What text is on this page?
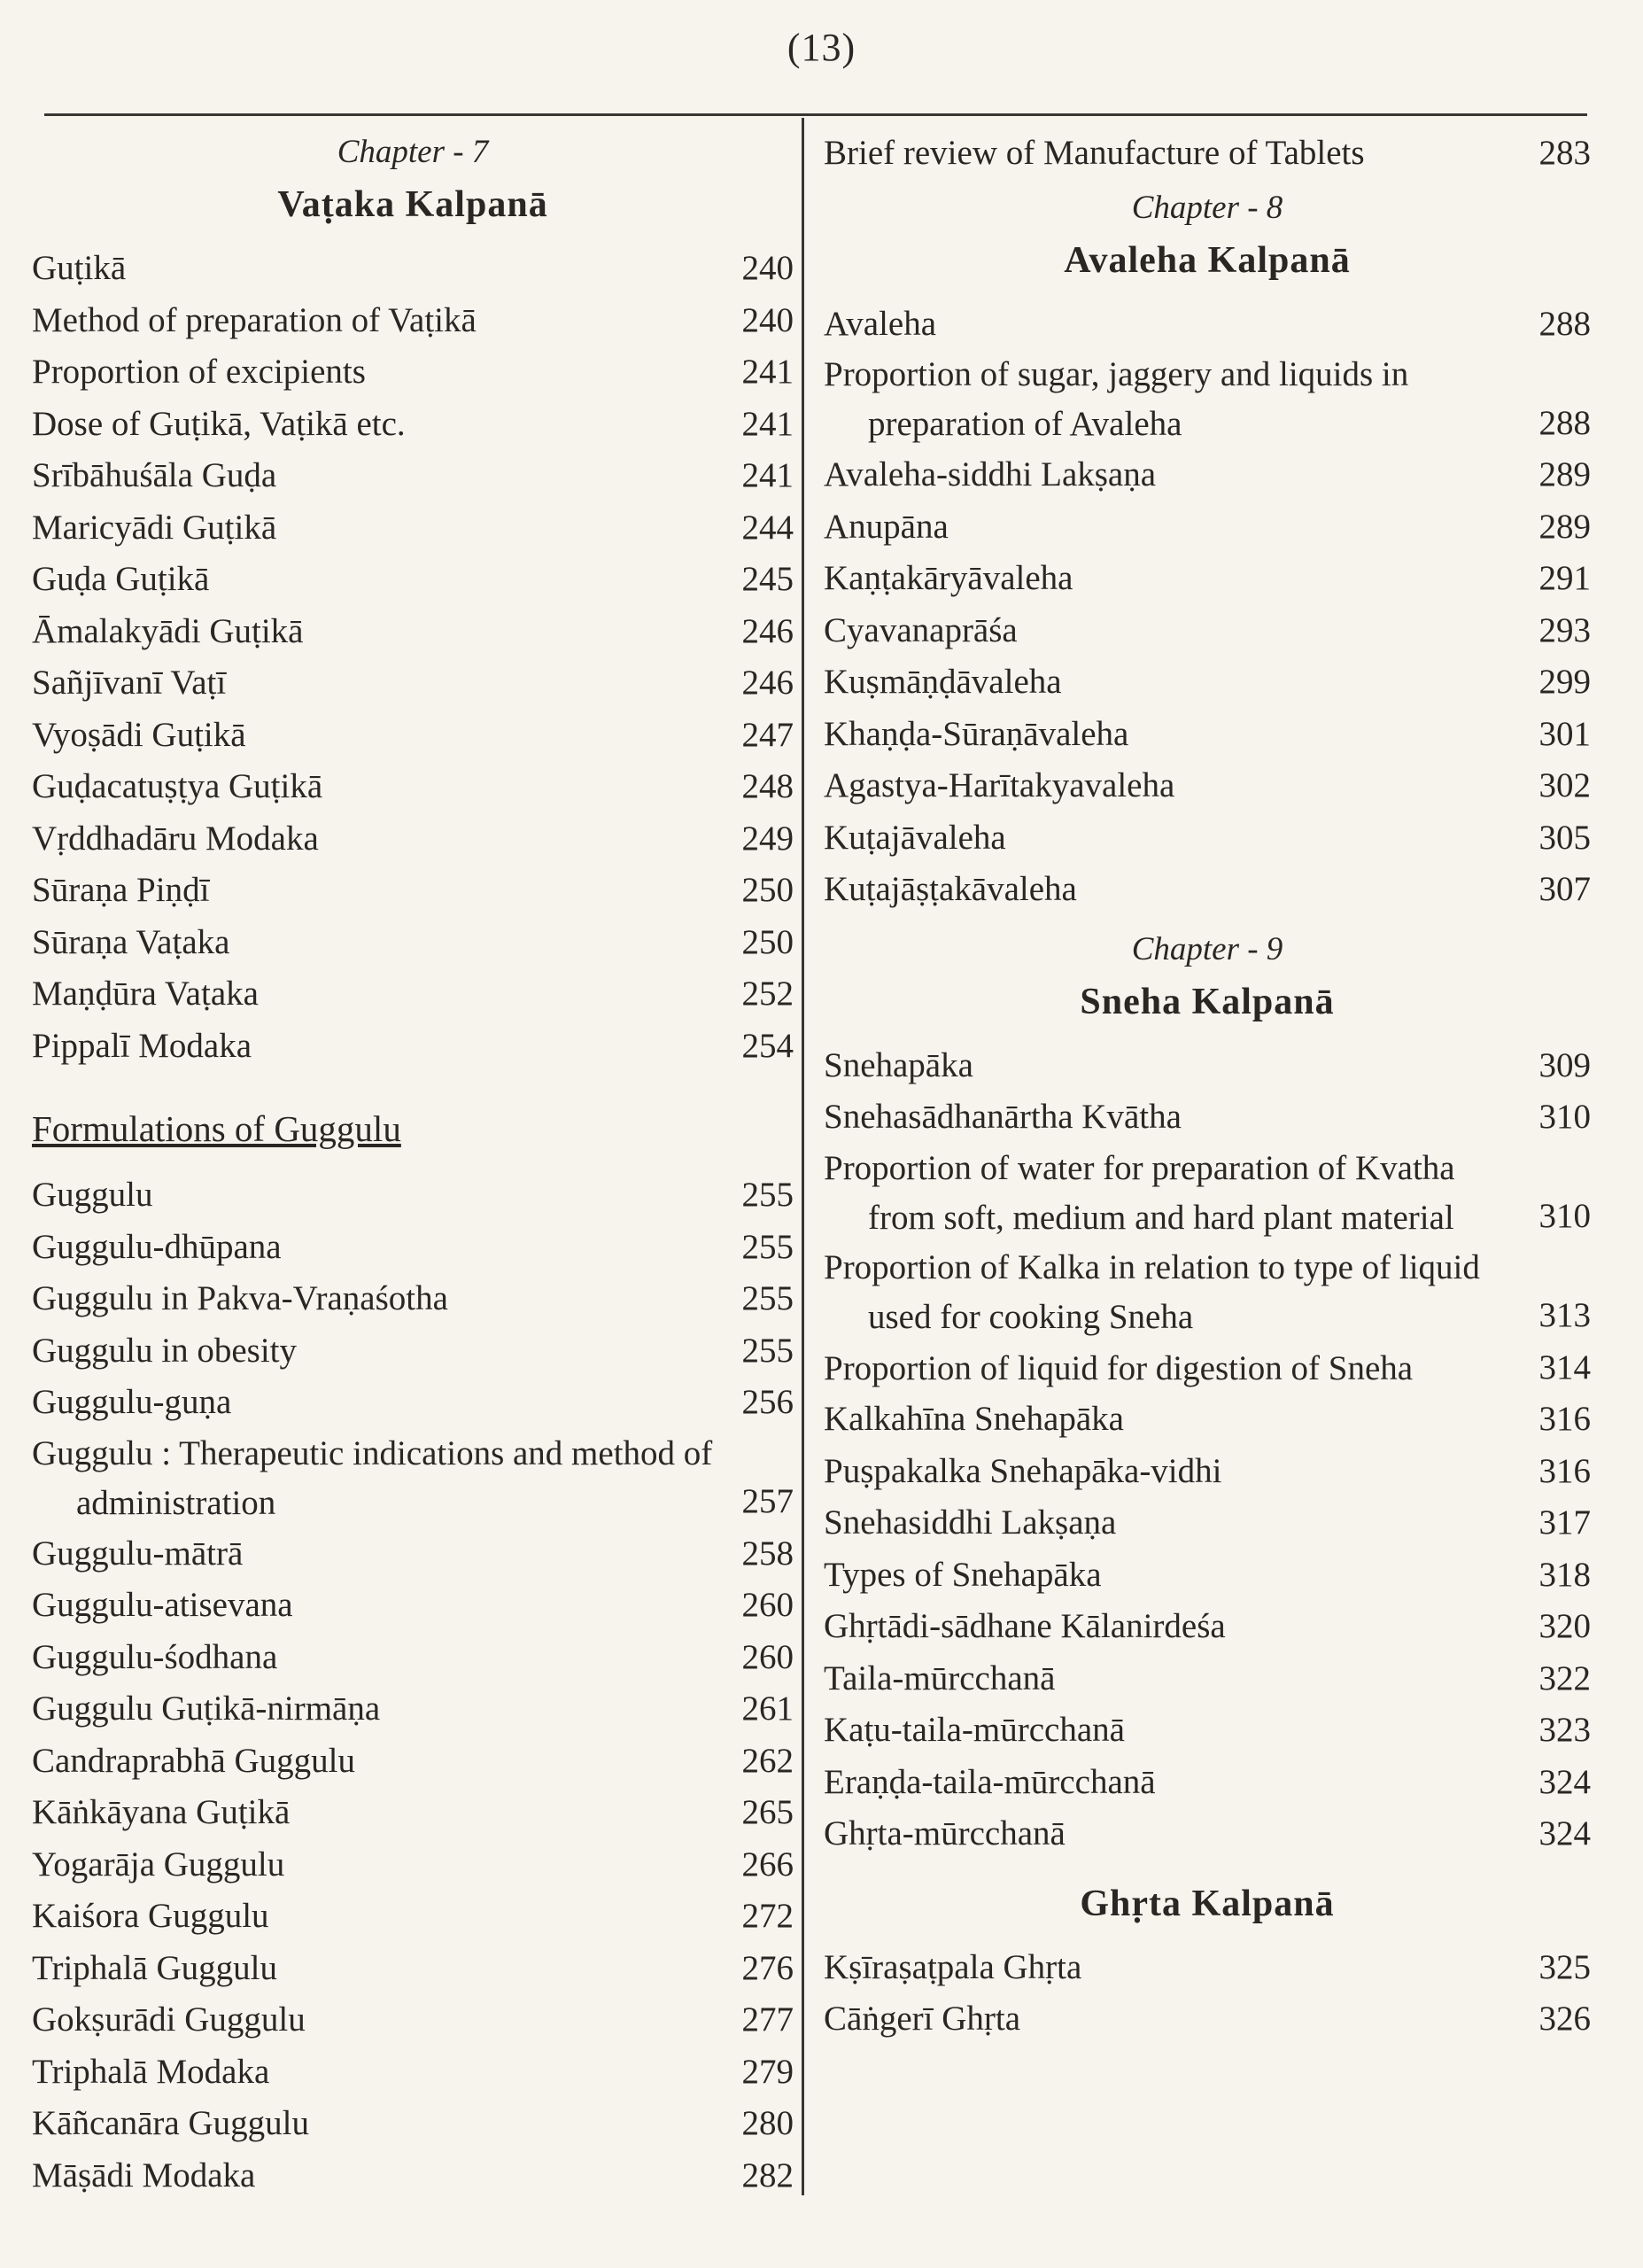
(13)
Chapter - 7
Vaṭaka Kalpanā
Guṭikā	240
Method of preparation of Vaṭikā	240
Proportion of excipients	241
Dose of Guṭikā, Vaṭikā etc.	241
Srībāhuśāla Guḍa	241
Maricyādi Guṭikā	244
Guḍa Guṭikā	245
Āmalakyādi Guṭikā	246
Sañjīvanī Vaṭī	246
Vyoṣādi Guṭikā	247
Guḍacatuṣṭya Guṭikā	248
Vṛddhadāru Modaka	249
Sūraṇa Piṇḍī	250
Sūraṇa Vaṭaka	250
Maṇḍūra Vaṭaka	252
Pippalī Modaka	254
Formulations of Guggulu
Guggulu	255
Guggulu-dhūpana	255
Guggulu in Pakva-Vraṇaśotha	255
Guggulu in obesity	255
Guggulu-guṇa	256
Guggulu : Therapeutic indications and method of administration	257
Guggulu-mātrā	258
Guggulu-atisevana	260
Guggulu-śodhana	260
Guggulu Guṭikā-nirmāṇa	261
Candraprabhā Guggulu	262
Kāṅkāyana Guṭikā	265
Yogarāja Guggulu	266
Kaiśora Guggulu	272
Triphalā Guggulu	276
Gokṣurādi Guggulu	277
Triphalā Modaka	279
Kāñcanāra Guggulu	280
Māṣādi Modaka	282
Brief review of Manufacture of Tablets	283
Chapter - 8
Avaleha Kalpanā
Avaleha	288
Proportion of sugar, jaggery and liquids in preparation of Avaleha	288
Avaleha-siddhi Lakṣaṇa	289
Anupāna	289
Kaṇṭakāryāvaleha	291
Cyavanaprāśa	293
Kuṣmāṇḍāvaleha	299
Khaṇḍa-Sūraṇāvaleha	301
Agastya-Harītakyavaleha	302
Kuṭajāvaleha	305
Kuṭajāṣṭakāvaleha	307
Chapter - 9
Sneha Kalpanā
Snehapāka	309
Snehasādhanārtha Kvātha	310
Proportion of water for preparation of Kvatha from soft, medium and hard plant material	310
Proportion of Kalka in relation to type of liquid used for cooking Sneha	313
Proportion of liquid for digestion of Sneha	314
Kalkahīna Snehapāka	316
Puṣpakalka Snehapāka-vidhi	316
Snehasiddhi Lakṣaṇa	317
Types of Snehapāka	318
Ghṛtādi-sādhane Kālanirdeśa	320
Taila-mūrcchanā	322
Kaṭu-taila-mūrcchanā	323
Eraṇḍa-taila-mūrcchanā	324
Ghṛta-mūrcchanā	324
Ghṛta Kalpanā
Kṣīraṣaṭpala Ghṛta	325
Cāṅgerī Ghṛta	326
